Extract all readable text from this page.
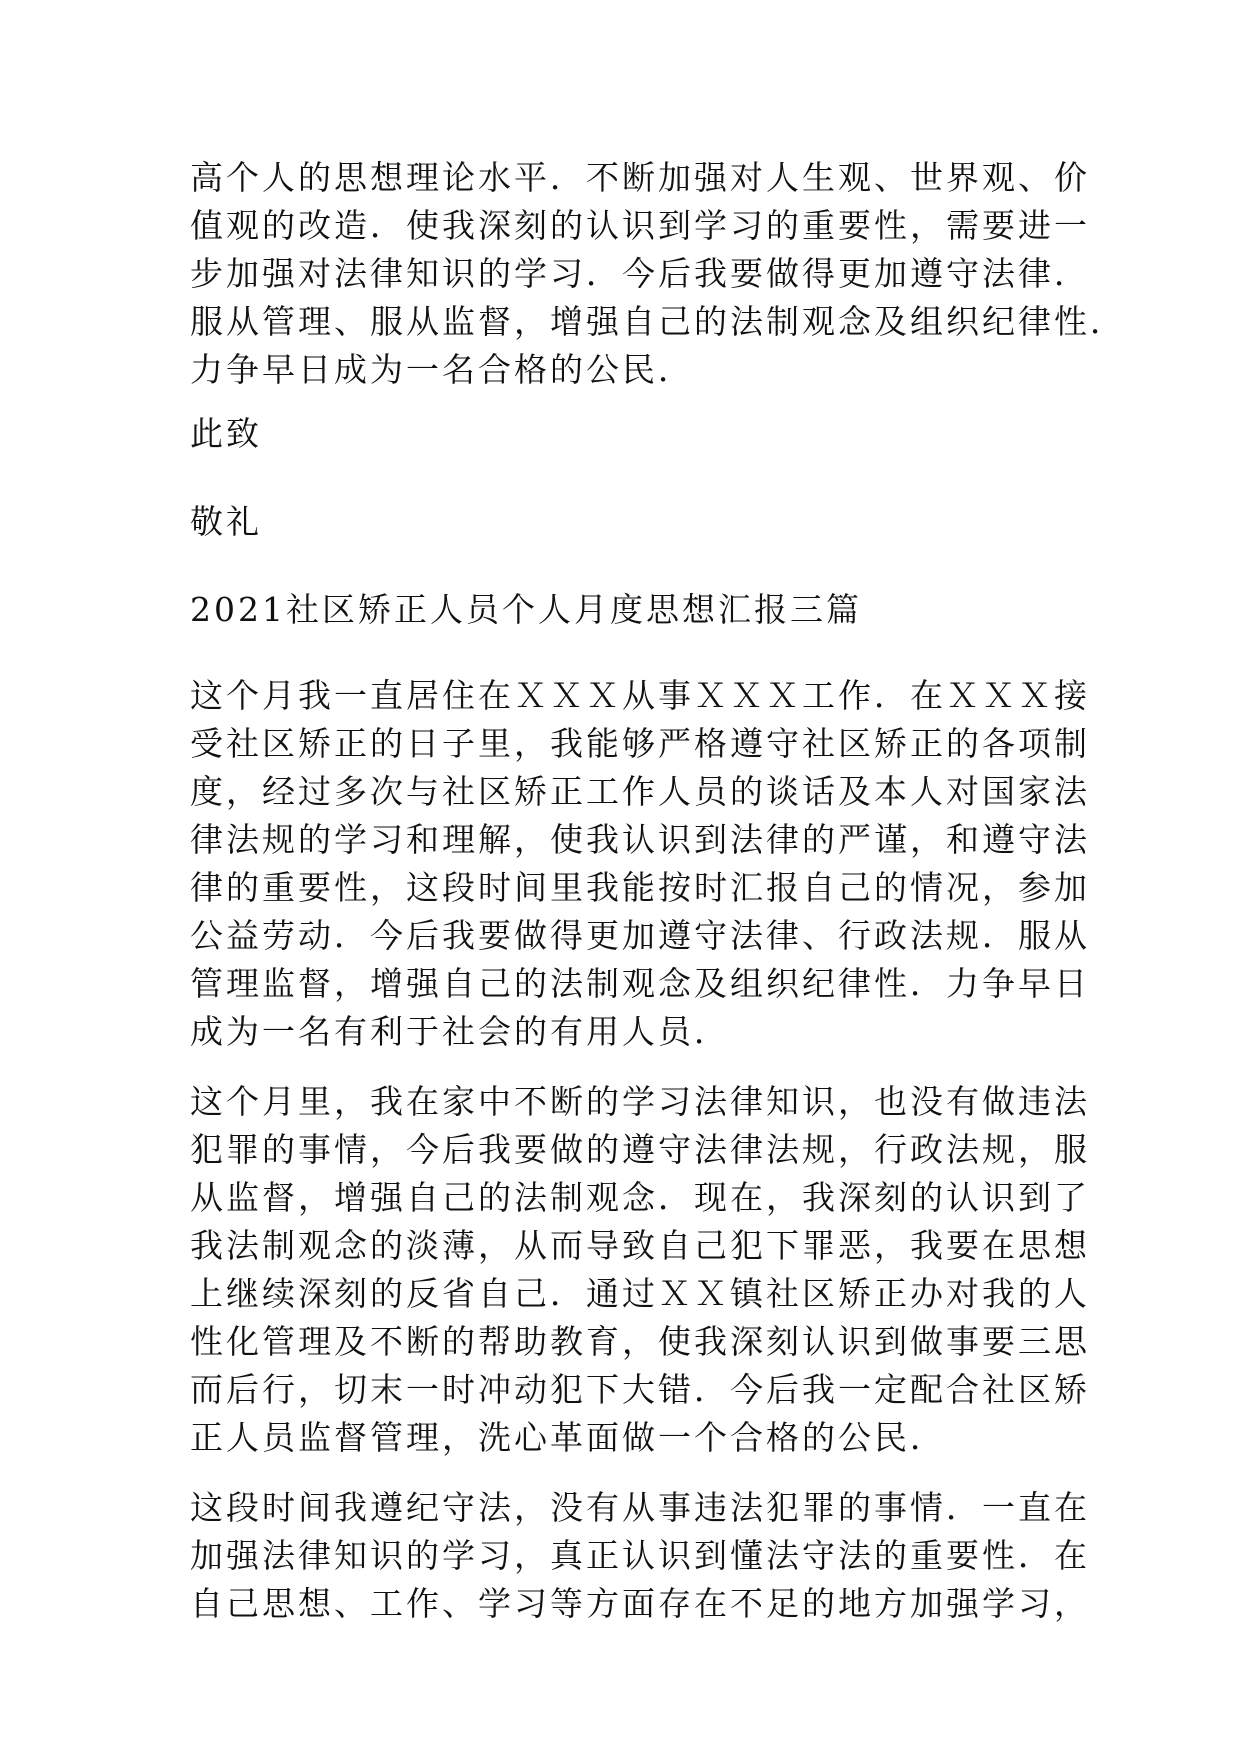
高个人的思想理论水平．不断加强对人生观、世界观、价
值观的改造．使我深刻的认识到学习的重要性，需要进一
步加强对法律知识的学习．今后我要做得更加遵守法律．
服从管理、服从监督，增强自己的法制观念及组织纪律性．
力争早日成为一名合格的公民．
此致
敬礼
2021社区矫正人员个人月度思想汇报三篇
这个月我一直居住在ＸＸＸ从事ＸＸＸ工作．在ＸＸＸ接
受社区矫正的日子里，我能够严格遵守社区矫正的各项制
度，经过多次与社区矫正工作人员的谈话及本人对国家法
律法规的学习和理解，使我认识到法律的严谨，和遵守法
律的重要性，这段时间里我能按时汇报自己的情况，参加
公益劳动．今后我要做得更加遵守法律、行政法规．服从
管理监督，增强自己的法制观念及组织纪律性．力争早日
成为一名有利于社会的有用人员．
这个月里，我在家中不断的学习法律知识，也没有做违法
犯罪的事情，今后我要做的遵守法律法规，行政法规，服
从监督，增强自己的法制观念．现在，我深刻的认识到了
我法制观念的淡薄，从而导致自己犯下罪恶，我要在思想
上继续深刻的反省自己．通过ＸＸ镇社区矫正办对我的人
性化管理及不断的帮助教育，使我深刻认识到做事要三思
而后行，切末一时冲动犯下大错．今后我一定配合社区矫
正人员监督管理，洗心革面做一个合格的公民．
这段时间我遵纪守法，没有从事违法犯罪的事情．一直在
加强法律知识的学习，真正认识到懂法守法的重要性．在
自己思想、工作、学习等方面存在不足的地方加强学习，
